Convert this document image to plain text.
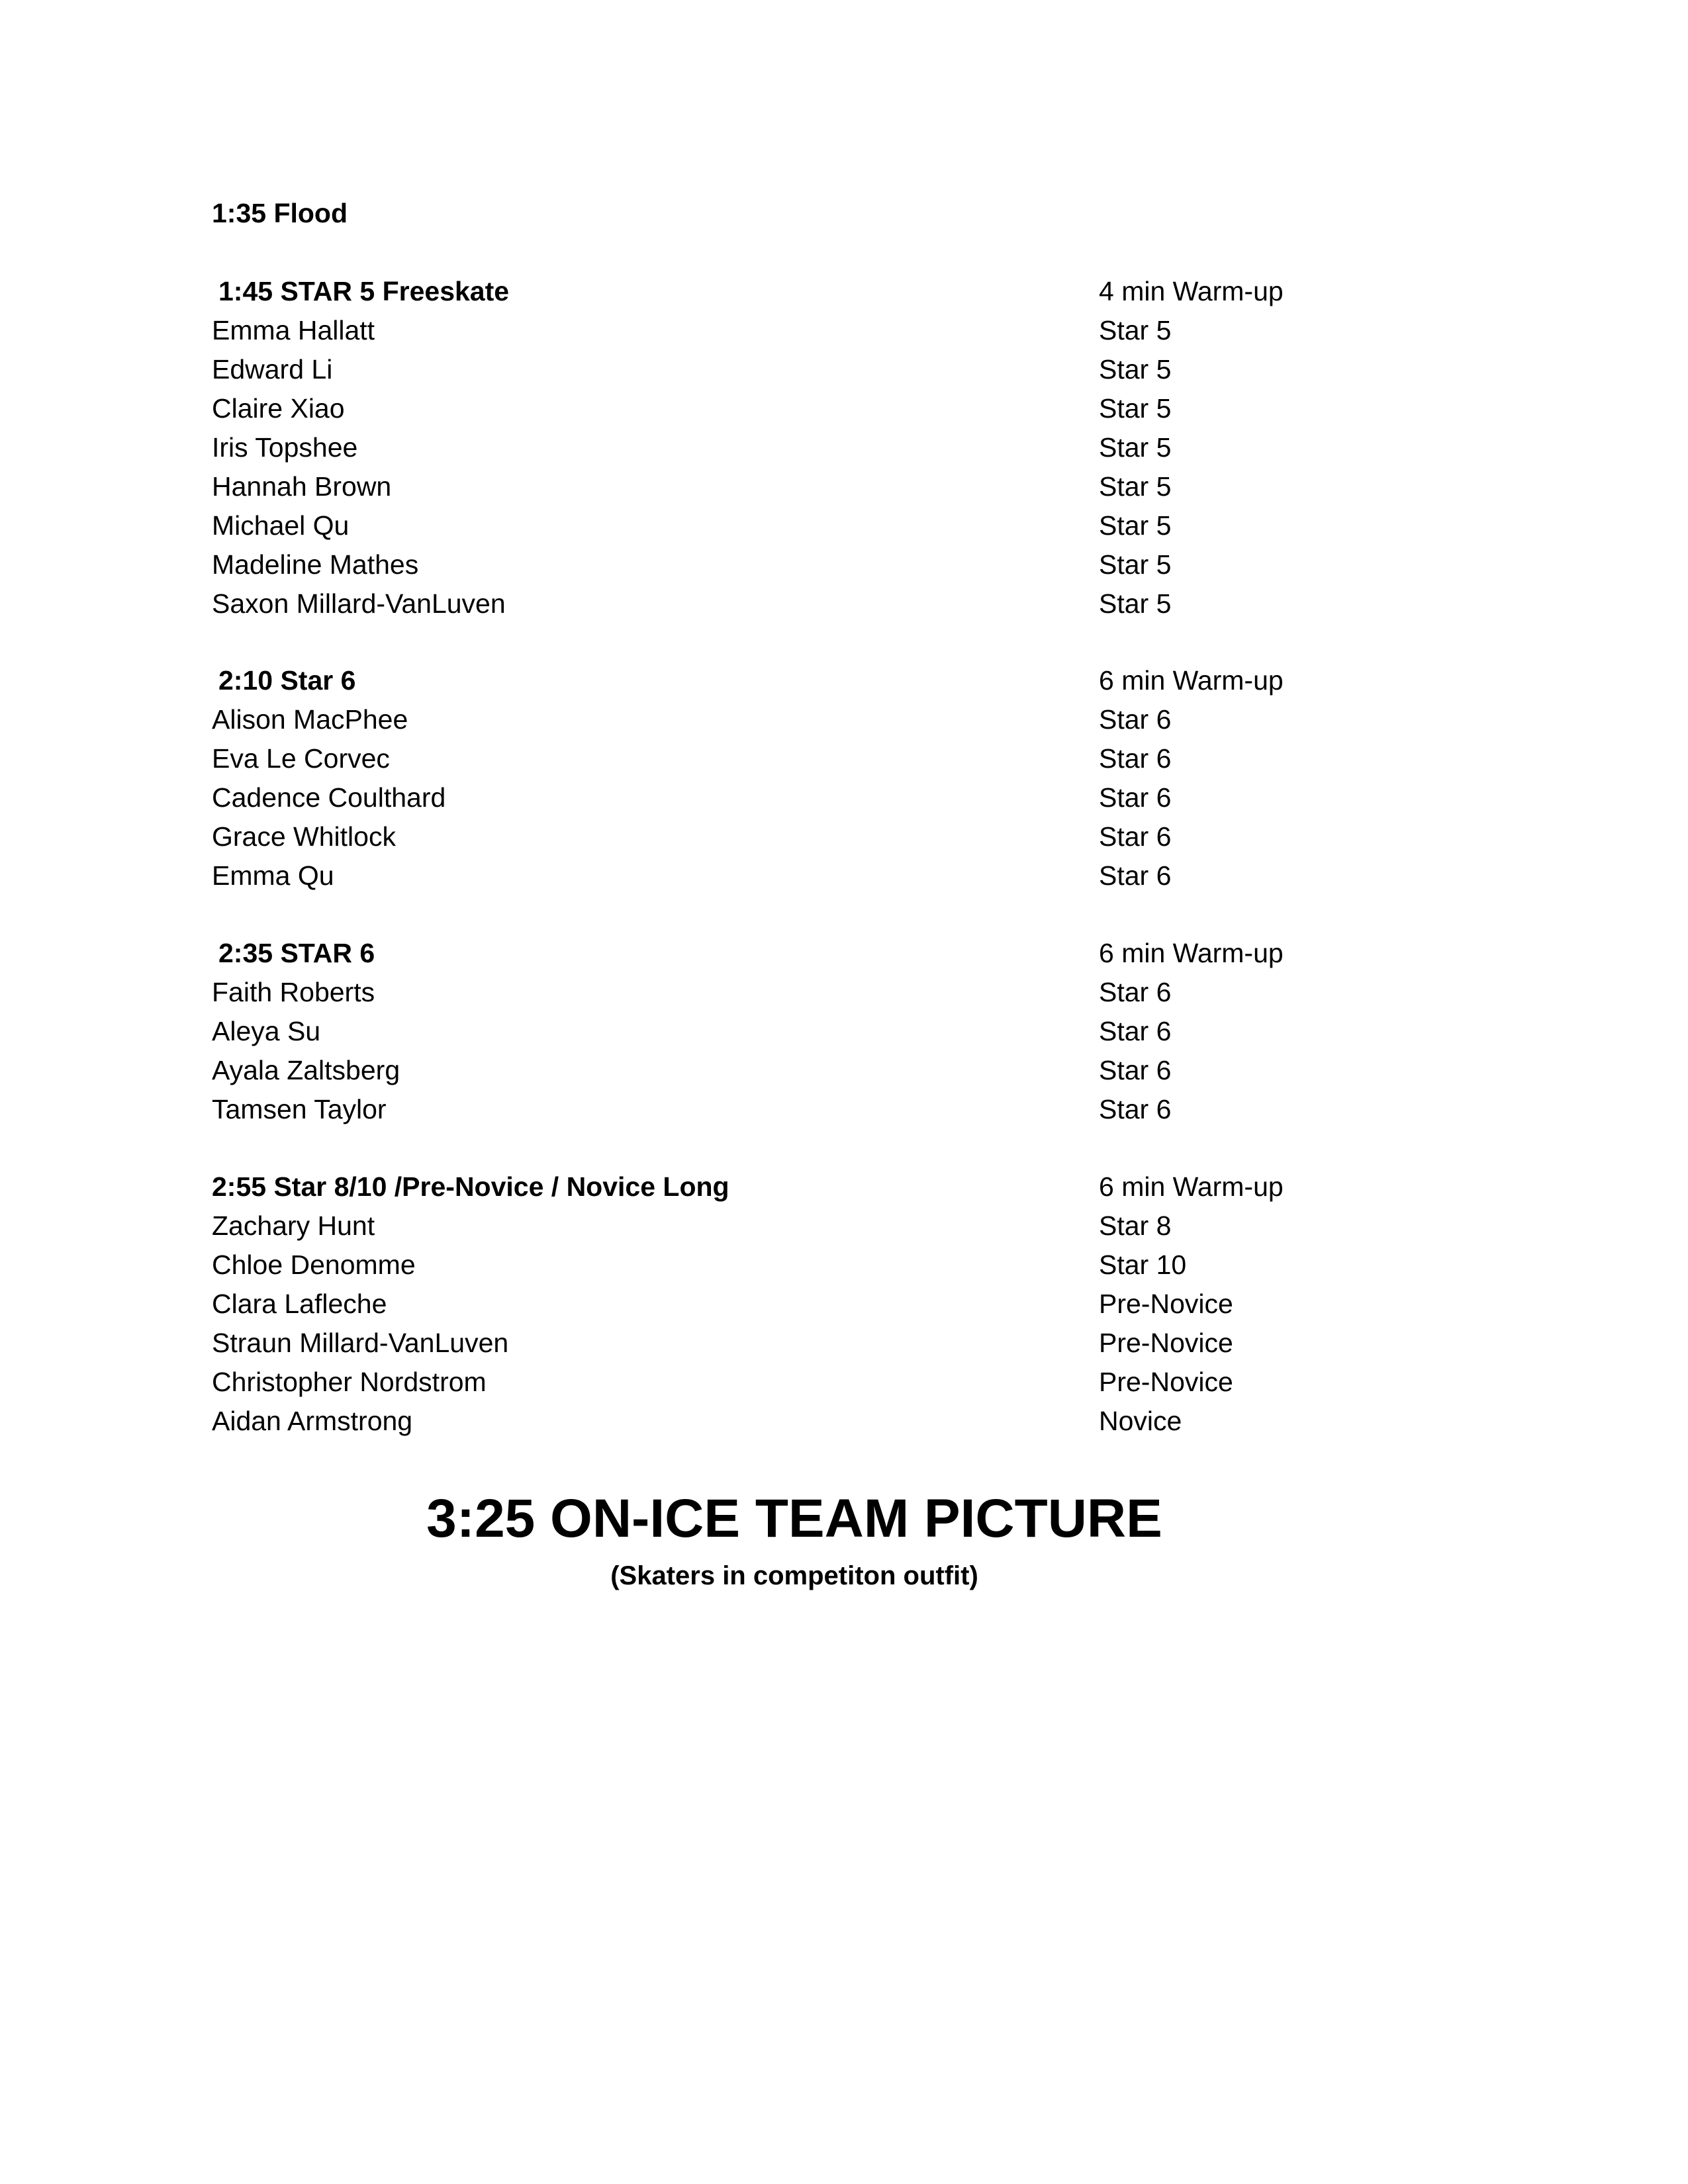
1:35 Flood
1:45 STAR 5 Freeskate	4 min Warm-up
Emma Hallatt	Star 5
Edward Li	Star 5
Claire Xiao	Star 5
Iris Topshee	Star 5
Hannah Brown	Star 5
Michael Qu	Star 5
Madeline Mathes	Star 5
Saxon Millard-VanLuven	Star 5
2:10 Star 6	6 min Warm-up
Alison MacPhee	Star 6
Eva Le Corvec	Star 6
Cadence Coulthard	Star 6
Grace Whitlock	Star 6
Emma Qu	Star 6
2:35 STAR 6	6 min Warm-up
Faith Roberts	Star 6
Aleya Su	Star 6
Ayala Zaltsberg	Star 6
Tamsen Taylor	Star 6
2:55 Star 8/10 /Pre-Novice / Novice Long	6 min Warm-up
Zachary Hunt	Star 8
Chloe Denomme	Star 10
Clara Lafleche	Pre-Novice
Straun Millard-VanLuven	Pre-Novice
Christopher Nordstrom	Pre-Novice
Aidan Armstrong	Novice
3:25 ON-ICE TEAM PICTURE
(Skaters in competiton outfit)
